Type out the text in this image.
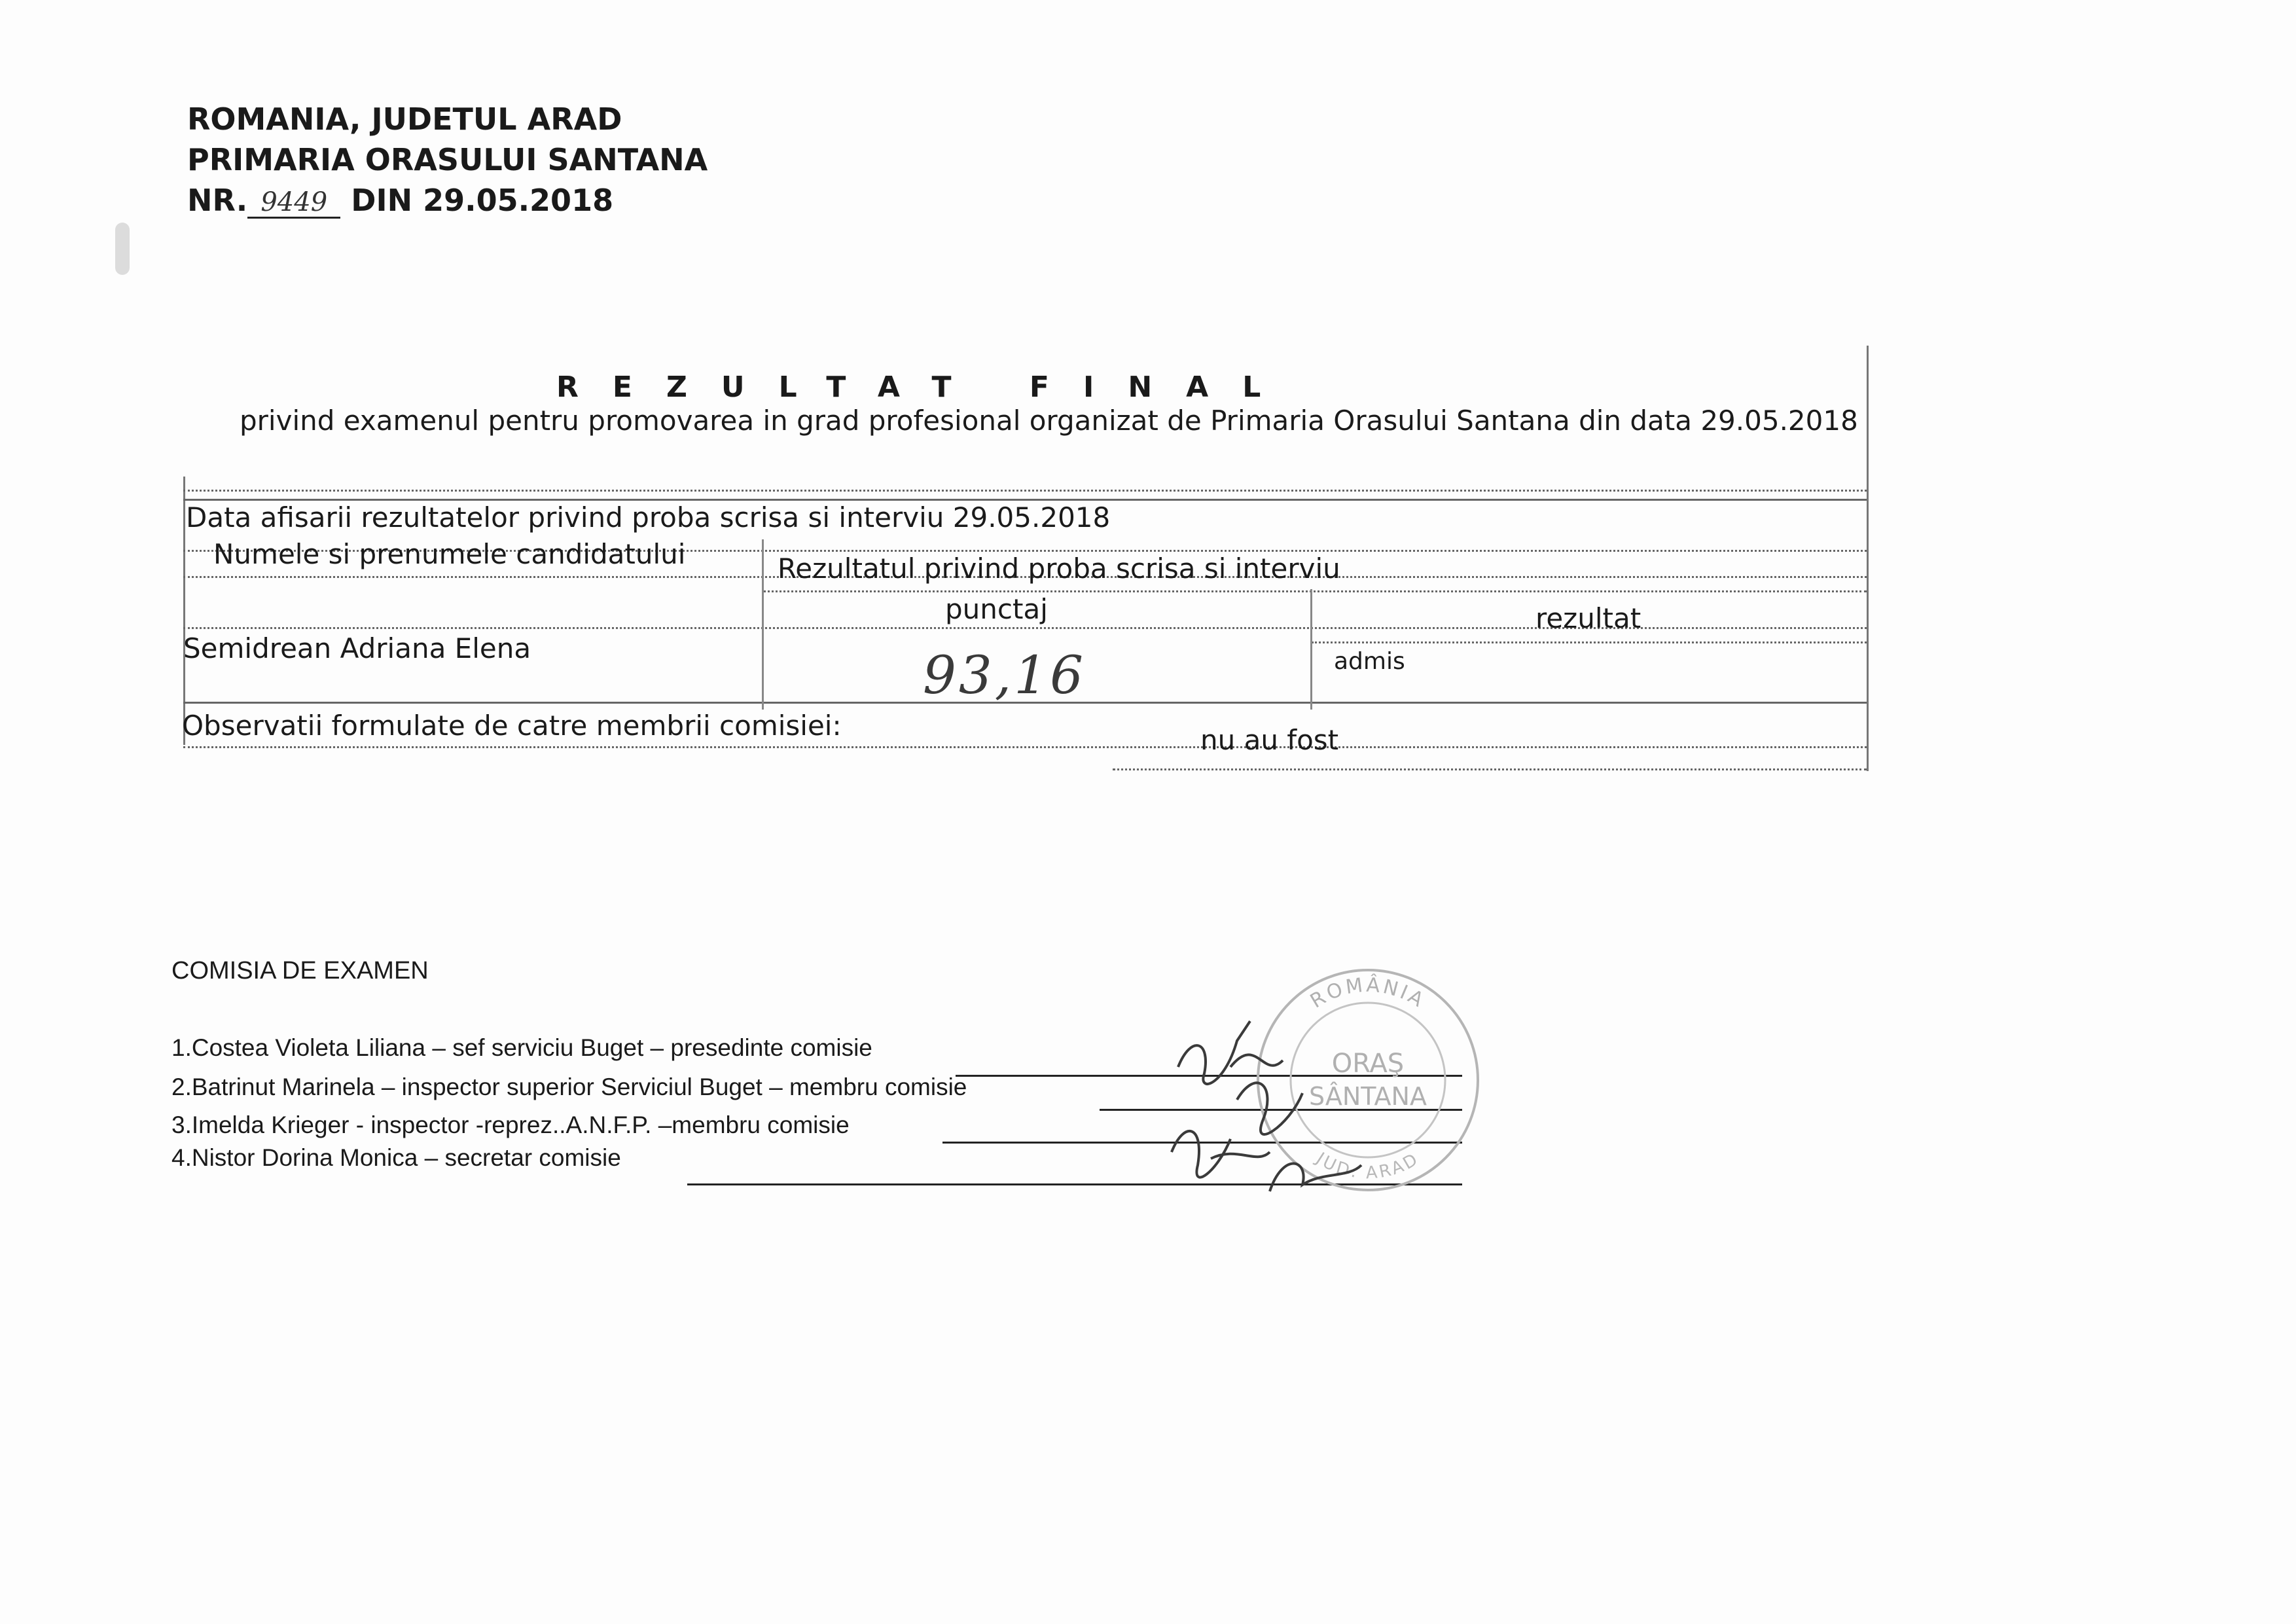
ROMANIA, JUDETUL ARAD
PRIMARIA ORASULUI SANTANA
NR. 9449 DIN 29.05.2018
REZULTAT FINAL
privind examenul pentru promovarea in grad profesional organizat de Primaria Orasului Santana din data 29.05.2018
Data afisarii rezultatelor privind proba scrisa si interviu 29.05.2018
Numele si prenumele candidatului	Rezultatul privind proba scrisa si interviu
punctaj	rezultat
Semidrean Adriana Elena	93,16	admis
Observatii formulate de catre membrii comisiei:	nu au fost
COMISIA DE EXAMEN
1.Costea Violeta Liliana – sef serviciu Buget – presedinte comisie
2.Batrinut Marinela – inspector superior Serviciul Buget – membru comisie
3.Imelda Krieger - inspector -reprez..A.N.F.P. –membru comisie
4.Nistor Dorina Monica – secretar comisie
ROMÂNIA
ORAŞ
SÂNTANA
JUD. ARAD
